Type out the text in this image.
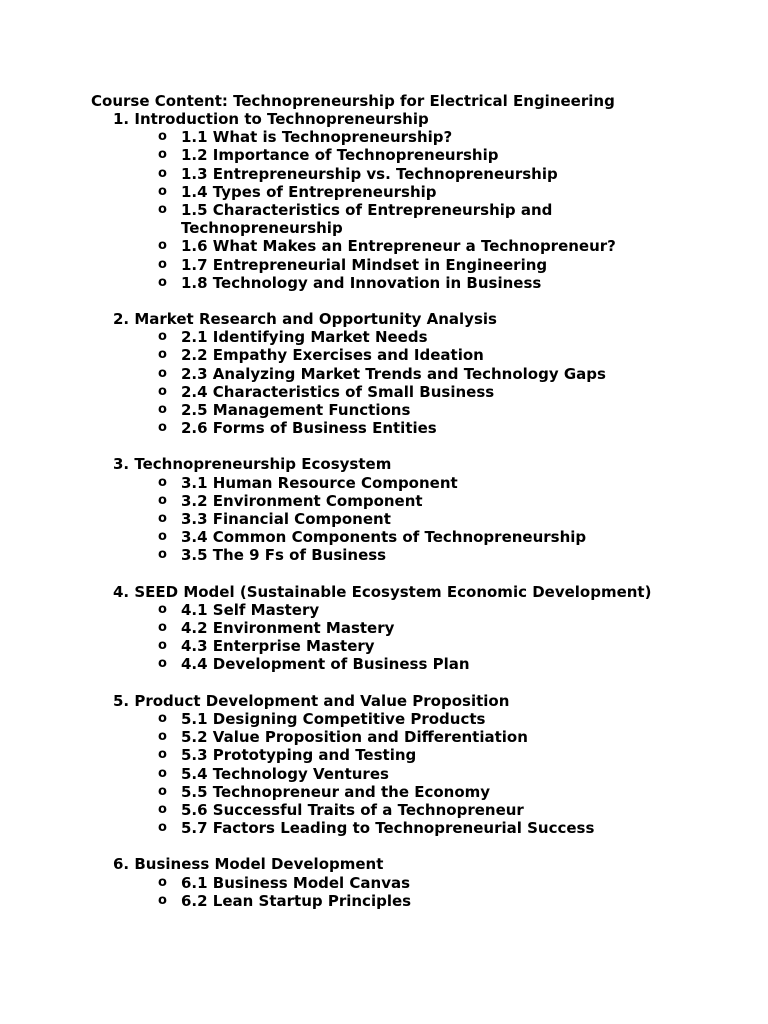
Course Content: Technopreneurship for Electrical Engineering
1. Introduction to Technopreneurship
o 1.1 What is Technopreneurship?
o 1.2 Importance of Technopreneurship
o 1.3 Entrepreneurship vs. Technopreneurship
o 1.4 Types of Entrepreneurship
o 1.5 Characteristics of Entrepreneurship and Technopreneurship
o 1.6 What Makes an Entrepreneur a Technopreneur?
o 1.7 Entrepreneurial Mindset in Engineering
o 1.8 Technology and Innovation in Business
2. Market Research and Opportunity Analysis
o 2.1 Identifying Market Needs
o 2.2 Empathy Exercises and Ideation
o 2.3 Analyzing Market Trends and Technology Gaps
o 2.4 Characteristics of Small Business
o 2.5 Management Functions
o 2.6 Forms of Business Entities
3. Technopreneurship Ecosystem
o 3.1 Human Resource Component
o 3.2 Environment Component
o 3.3 Financial Component
o 3.4 Common Components of Technopreneurship
o 3.5 The 9 Fs of Business
4. SEED Model (Sustainable Ecosystem Economic Development)
o 4.1 Self Mastery
o 4.2 Environment Mastery
o 4.3 Enterprise Mastery
o 4.4 Development of Business Plan
5. Product Development and Value Proposition
o 5.1 Designing Competitive Products
o 5.2 Value Proposition and Differentiation
o 5.3 Prototyping and Testing
o 5.4 Technology Ventures
o 5.5 Technopreneur and the Economy
o 5.6 Successful Traits of a Technopreneur
o 5.7 Factors Leading to Technopreneurial Success
6. Business Model Development
o 6.1 Business Model Canvas
o 6.2 Lean Startup Principles
